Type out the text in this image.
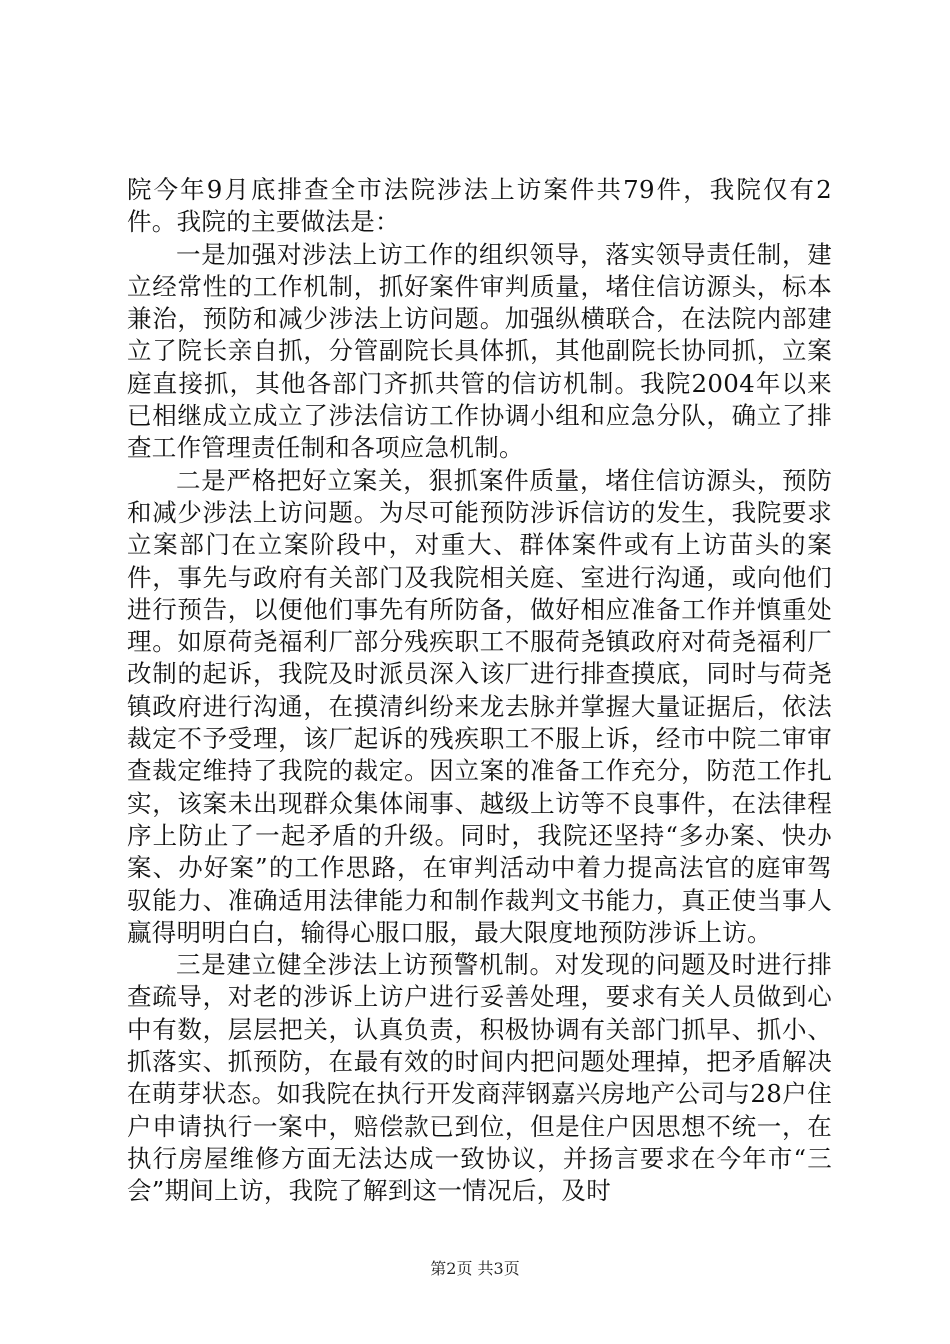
院今年9月底排查全市法院涉法上访案件共79件，我院仅有2件。我院的主要做法是：

一是加强对涉法上访工作的组织领导，落实领导责任制，建立经常性的工作机制，抓好案件审判质量，堵住信访源头，标本兼治，预防和减少涉法上访问题。加强纵横联合，在法院内部建立了院长亲自抓，分管副院长具体抓，其他副院长协同抓，立案庭直接抓，其他各部门齐抓共管的信访机制。我院2004年以来已相继成立成立了涉法信访工作协调小组和应急分队，确立了排查工作管理责任制和各项应急机制。

二是严格把好立案关，狠抓案件质量，堵住信访源头，预防和减少涉法上访问题。为尽可能预防涉诉信访的发生，我院要求立案部门在立案阶段中，对重大、群体案件或有上访苗头的案件，事先与政府有关部门及我院相关庭、室进行沟通，或向他们进行预告，以便他们事先有所防备，做好相应准备工作并慎重处理。如原荷尧福利厂部分残疾职工不服荷尧镇政府对荷尧福利厂改制的起诉，我院及时派员深入该厂进行排查摸底，同时与荷尧镇政府进行沟通，在摸清纠纷来龙去脉并掌握大量证据后，依法裁定不予受理，该厂起诉的残疾职工不服上诉，经市中院二审审查裁定维持了我院的裁定。因立案的准备工作充分，防范工作扎实，该案未出现群众集体闹事、越级上访等不良事件，在法律程序上防止了一起矛盾的升级。同时，我院还坚持“多办案、快办案、办好案”的工作思路，在审判活动中着力提高法官的庭审驾驭能力、准确适用法律能力和制作裁判文书能力，真正使当事人赢得明明白白，输得心服口服，最大限度地预防涉诉上访。

三是建立健全涉法上访预警机制。对发现的问题及时进行排查疏导，对老的涉诉上访户进行妥善处理，要求有关人员做到心中有数，层层把关，认真负责，积极协调有关部门抓早、抓小、抓落实、抓预防，在最有效的时间内把问题处理掉，把矛盾解决在萌芽状态。如我院在执行开发商萍钢嘉兴房地产公司与28户住户申请执行一案中，赔偿款已到位，但是住户因思想不统一，在执行房屋维修方面无法达成一致协议，并扬言要求在今年市“三会”期间上访，我院了解到这一情况后，及时

第2页 共3页
